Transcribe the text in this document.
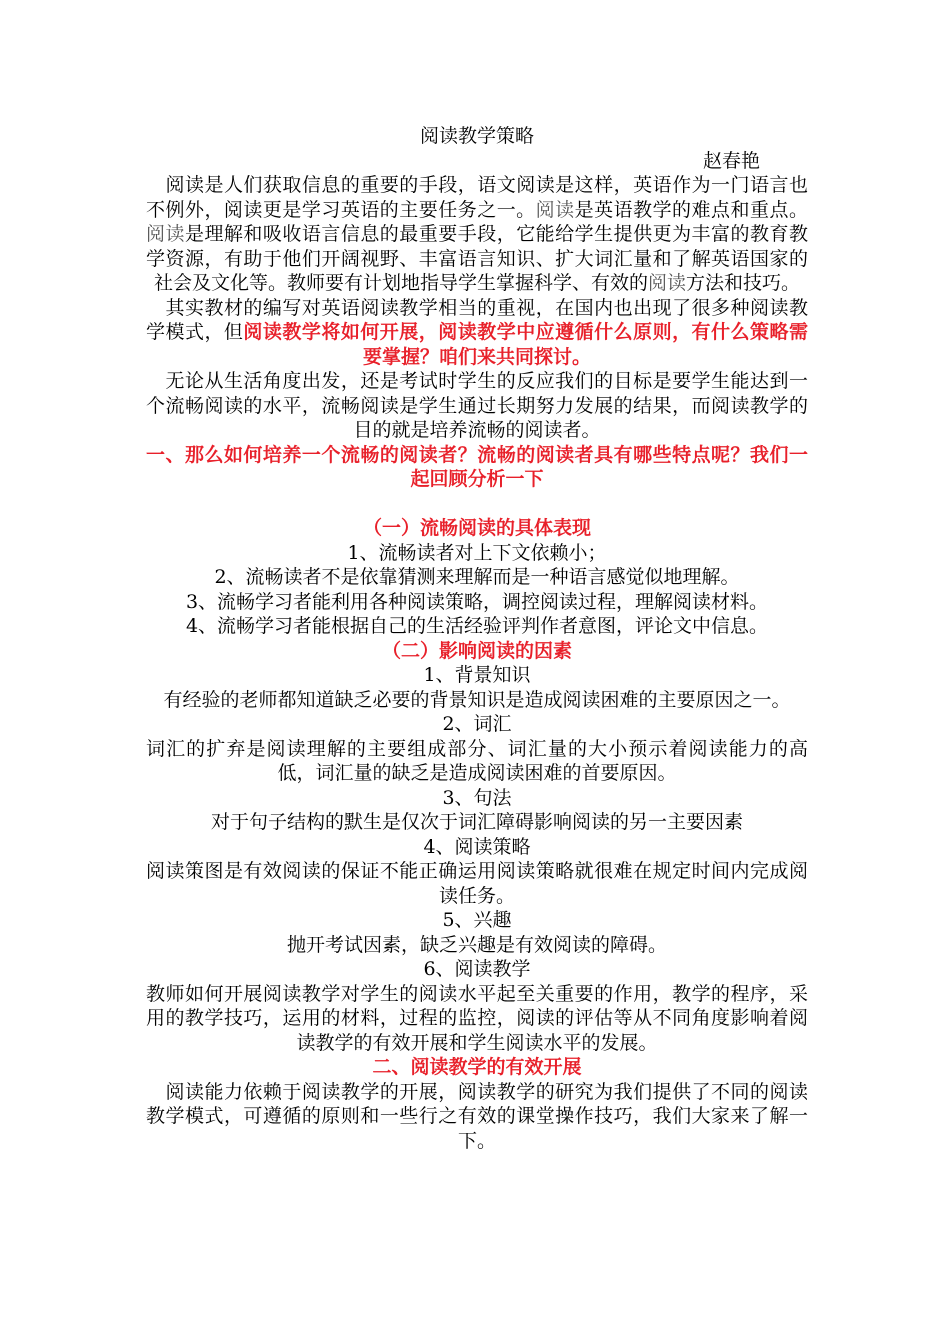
阅读教学策略

赵春艳

 阅读是人们获取信息的重要的手段，语文阅读是这样，英语作为一门语言也不例外，阅读更是学习英语的主要任务之一。阅读是英语教学的难点和重点。阅读是理解和吸收语言信息的最重要手段，它能给学生提供更为丰富的教育教学资源，有助于他们开阔视野、丰富语言知识、扩大词汇量和了解英语国家的社会及文化等。教师要有计划地指导学生掌握科学、有效的阅读方法和技巧。

 其实教材的编写对英语阅读教学相当的重视，在国内也出现了很多种阅读教学模式，但阅读教学将如何开展，阅读教学中应遵循什么原则，有什么策略需要掌握？咱们来共同探讨。

 无论从生活角度出发，还是考试时学生的反应我们的目标是要学生能达到一个流畅阅读的水平，流畅阅读是学生通过长期努力发展的结果，而阅读教学的目的就是培养流畅的阅读者。

一、那么如何培养一个流畅的阅读者？流畅的阅读者具有哪些特点呢？我们一起回顾分析一下

（一）流畅阅读的具体表现

1、流畅读者对上下文依赖小；

2、流畅读者不是依靠猜测来理解而是一种语言感觉似地理解。

3、流畅学习者能利用各种阅读策略，调控阅读过程，理解阅读材料。

4、流畅学习者能根据自己的生活经验评判作者意图，评论文中信息。

（二）影响阅读的因素

1、背景知识

有经验的老师都知道缺乏必要的背景知识是造成阅读困难的主要原因之一。

2、词汇

词汇的扩弃是阅读理解的主要组成部分、词汇量的大小预示着阅读能力的高低，词汇量的缺乏是造成阅读困难的首要原因。

3、句法

对于句子结构的默生是仅次于词汇障碍影响阅读的另一主要因素

4、阅读策略

阅读策图是有效阅读的保证不能正确运用阅读策略就很难在规定时间内完成阅读任务。

5、兴趣

抛开考试因素，缺乏兴趣是有效阅读的障碍。

6、阅读教学

教师如何开展阅读教学对学生的阅读水平起至关重要的作用，教学的程序，采用的教学技巧，运用的材料，过程的监控，阅读的评估等从不同角度影响着阅读教学的有效开展和学生阅读水平的发展。

二、阅读教学的有效开展

 阅读能力依赖于阅读教学的开展，阅读教学的研究为我们提供了不同的阅读教学模式，可遵循的原则和一些行之有效的课堂操作技巧，我们大家来了解一下。
